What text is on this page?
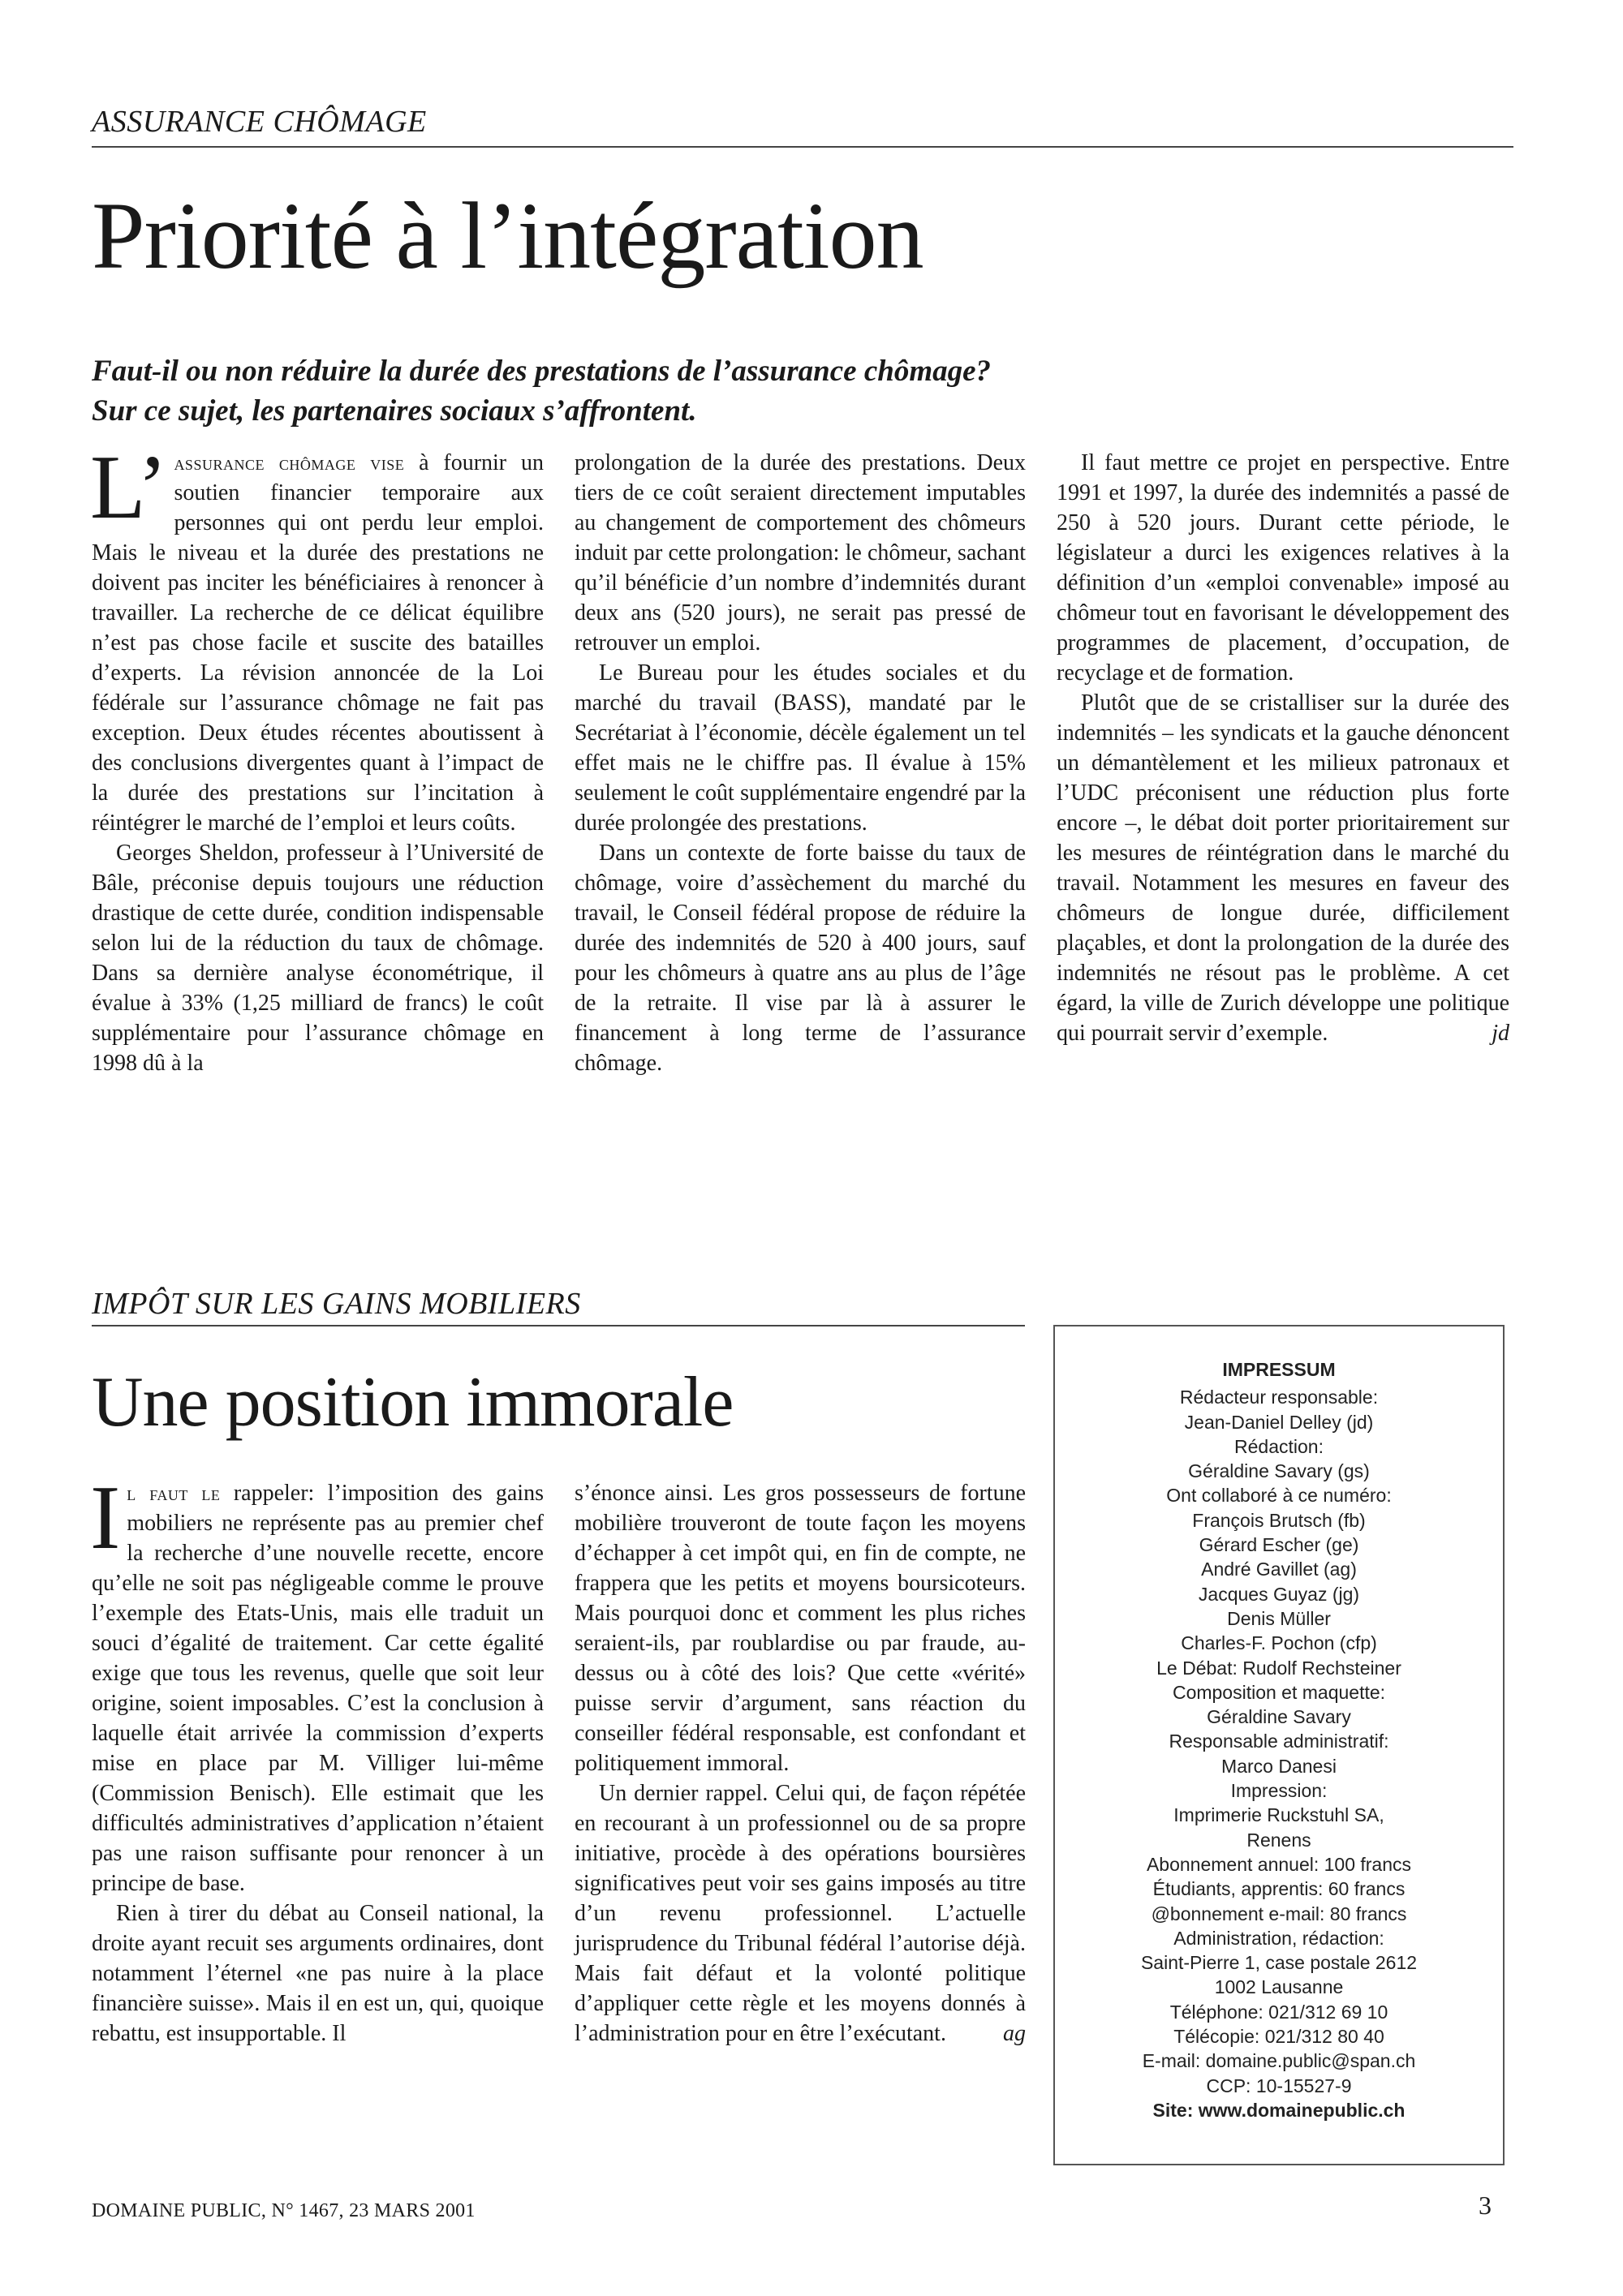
ASSURANCE CHÔMAGE
Priorité à l’intégration
Faut-il ou non réduire la durée des prestations de l’assurance chômage?
Sur ce sujet, les partenaires sociaux s’affrontent.

L’ assurance chômage vise à fournir un soutien financier temporaire aux personnes qui ont perdu leur emploi. Mais le niveau et la durée des prestations ne doivent pas inciter les bénéficiaires à renoncer à travailler. La recherche de ce délicat équilibre n’est pas chose facile et suscite des batailles d’experts. La révision annoncée de la Loi fédérale sur l’assurance chômage ne fait pas exception. Deux études récentes aboutissent à des conclusions divergentes quant à l’impact de la durée des prestations sur l’incitation à réintégrer le marché de l’emploi et leurs coûts.

Georges Sheldon, professeur à l’Université de Bâle, préconise depuis toujours une réduction drastique de cette durée, condition indispensable selon lui de la réduction du taux de chômage. Dans sa dernière analyse économétrique, il évalue à 33% (1,25 milliard de francs) le coût supplémentaire pour l’assurance chômage en 1998 dû à la

prolongation de la durée des prestations. Deux tiers de ce coût seraient directement imputables au changement de comportement des chômeurs induit par cette prolongation: le chômeur, sachant qu’il bénéficie d’un nombre d’indemnités durant deux ans (520 jours), ne serait pas pressé de retrouver un emploi.

Le Bureau pour les études sociales et du marché du travail (BASS), mandaté par le Secrétariat à l’économie, décèle également un tel effet mais ne le chiffre pas. Il évalue à 15% seulement le coût supplémentaire engendré par la durée prolongée des prestations.

Dans un contexte de forte baisse du taux de chômage, voire d’assèchement du marché du travail, le Conseil fédéral propose de réduire la durée des indemnités de 520 à 400 jours, sauf pour les chômeurs à quatre ans au plus de l’âge de la retraite. Il vise par là à assurer le financement à long terme de l’assurance chômage.

Il faut mettre ce projet en perspective. Entre 1991 et 1997, la durée des indemnités a passé de 250 à 520 jours. Durant cette période, le législateur a durci les exigences relatives à la définition d’un «emploi convenable» imposé au chômeur tout en favorisant le développement des programmes de placement, d’occupation, de recyclage et de formation.

Plutôt que de se cristalliser sur la durée des indemnités – les syndicats et la gauche dénoncent un démantèlement et les milieux patronaux et l’UDC préconisent une réduction plus forte encore –, le débat doit porter prioritairement sur les mesures de réintégration dans le marché du travail. Notamment les mesures en faveur des chômeurs de longue durée, difficilement plaçables, et dont la prolongation de la durée des indemnités ne résout pas le problème. A cet égard, la ville de Zurich développe une politique qui pourrait servir d’exemple.	jd

IMPÔT SUR LES GAINS MOBILIERS
Une position immorale

Il faut le rappeler: l’imposition des gains mobiliers ne représente pas au premier chef la recherche d’une nouvelle recette, encore qu’elle ne soit pas négligeable comme le prouve l’exemple des Etats-Unis, mais elle traduit un souci d’égalité de traitement. Car cette égalité exige que tous les revenus, quelle que soit leur origine, soient imposables. C’est la conclusion à laquelle était arrivée la commission d’experts mise en place par M. Villiger lui-même (Commission Benisch). Elle estimait que les difficultés administratives d’application n’étaient pas une raison suffisante pour renoncer à un principe de base.

Rien à tirer du débat au Conseil national, la droite ayant recuit ses arguments ordinaires, dont notamment l’éternel «ne pas nuire à la place financière suisse». Mais il en est un, qui, quoique rebattu, est insupportable. Il

s’énonce ainsi. Les gros possesseurs de fortune mobilière trouveront de toute façon les moyens d’échapper à cet impôt qui, en fin de compte, ne frappera que les petits et moyens boursicoteurs. Mais pourquoi donc et comment les plus riches seraient-ils, par roublardise ou par fraude, au-dessus ou à côté des lois? Que cette «vérité» puisse servir d’argument, sans réaction du conseiller fédéral responsable, est confondant et politiquement immoral.

Un dernier rappel. Celui qui, de façon répétée en recourant à un professionnel ou de sa propre initiative, procède à des opérations boursières significatives peut voir ses gains imposés au titre d’un revenu professionnel. L’actuelle jurisprudence du Tribunal fédéral l’autorise déjà. Mais fait défaut et la volonté politique d’appliquer cette règle et les moyens donnés à l’administration pour en être l’exécutant.	ag

IMPRESSUM
Rédacteur responsable:
Jean-Daniel Delley (jd)
Rédaction:
Géraldine Savary (gs)
Ont collaboré à ce numéro:
François Brutsch (fb)
Gérard Escher (ge)
André Gavillet (ag)
Jacques Guyaz (jg)
Denis Müller
Charles-F. Pochon (cfp)
Le Débat: Rudolf Rechsteiner
Composition et maquette:
Géraldine Savary
Responsable administratif:
Marco Danesi
Impression:
Imprimerie Ruckstuhl SA,
Renens
Abonnement annuel: 100 francs
Étudiants, apprentis: 60 francs
@bonnement e-mail: 80 francs
Administration, rédaction:
Saint-Pierre 1, case postale 2612
1002 Lausanne
Téléphone: 021/312 69 10
Télécopie: 021/312 80 40
E-mail: domaine.public@span.ch
CCP: 10-15527-9
Site: www.domainepublic.ch
DOMAINE PUBLIC, N° 1467, 23 MARS 2001	3
